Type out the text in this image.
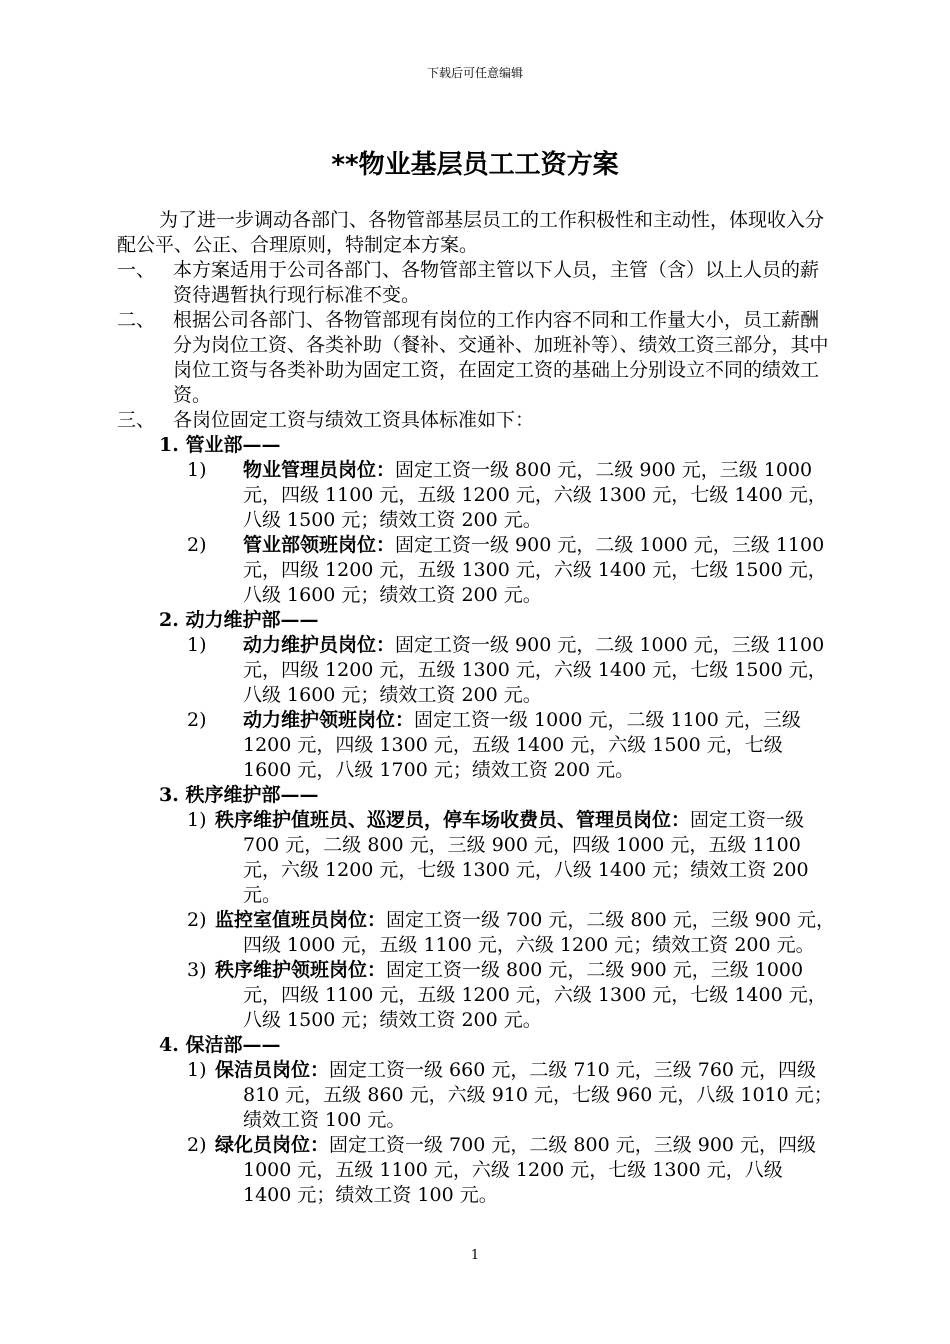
下载后可任意编辑
**物业基层员工工资方案

为了进一步调动各部门、各物管部基层员工的工作积极性和主动性，体现收入分配公平、公正、合理原则，特制定本方案。

一、 本方案适用于公司各部门、各物管部主管以下人员，主管（含）以上人员的薪资待遇暂执行现行标准不变。
二、 根据公司各部门、各物管部现有岗位的工作内容不同和工作量大小，员工薪酬分为岗位工资、各类补助（餐补、交通补、加班补等）、绩效工资三部分，其中岗位工资与各类补助为固定工资，在固定工资的基础上分别设立不同的绩效工资。
三、 各岗位固定工资与绩效工资具体标准如下：
1. 管业部——
1)	物业管理员岗位：固定工资一级 800 元，二级 900 元，三级 1000 元，四级 1100 元，五级 1200 元，六级 1300 元，七级 1400 元，八级 1500 元；绩效工资 200 元。
2)	管业部领班岗位：固定工资一级 900 元，二级 1000 元，三级 1100 元，四级 1200 元，五级 1300 元，六级 1400 元，七级 1500 元，八级 1600 元；绩效工资 200 元。
2. 动力维护部——
1)	动力维护员岗位：固定工资一级 900 元，二级 1000 元，三级 1100 元，四级 1200 元，五级 1300 元，六级 1400 元，七级 1500 元，八级 1600 元；绩效工资 200 元。
2)	动力维护领班岗位：固定工资一级 1000 元，二级 1100 元，三级 1200 元，四级 1300 元，五级 1400 元，六级 1500 元，七级 1600 元，八级 1700 元；绩效工资 200 元。
3. 秩序维护部——
1) 秩序维护值班员、巡逻员，停车场收费员、管理员岗位：固定工资一级 700 元，二级 800 元，三级 900 元，四级 1000 元，五级 1100 元，六级 1200 元，七级 1300 元，八级 1400 元；绩效工资 200 元。
2) 监控室值班员岗位：固定工资一级 700 元，二级 800 元，三级 900 元，四级 1000 元，五级 1100 元，六级 1200 元；绩效工资 200 元。
3) 秩序维护领班岗位：固定工资一级 800 元，二级 900 元，三级 1000 元，四级 1100 元，五级 1200 元，六级 1300 元，七级 1400 元，八级 1500 元；绩效工资 200 元。
4. 保洁部——
1) 保洁员岗位：固定工资一级 660 元，二级 710 元，三级 760 元，四级 810 元，五级 860 元，六级 910 元，七级 960 元，八级 1010 元；绩效工资 100 元。
2) 绿化员岗位：固定工资一级 700 元，二级 800 元，三级 900 元，四级 1000 元，五级 1100 元，六级 1200 元，七级 1300 元，八级 1400 元；绩效工资 100 元。
1
